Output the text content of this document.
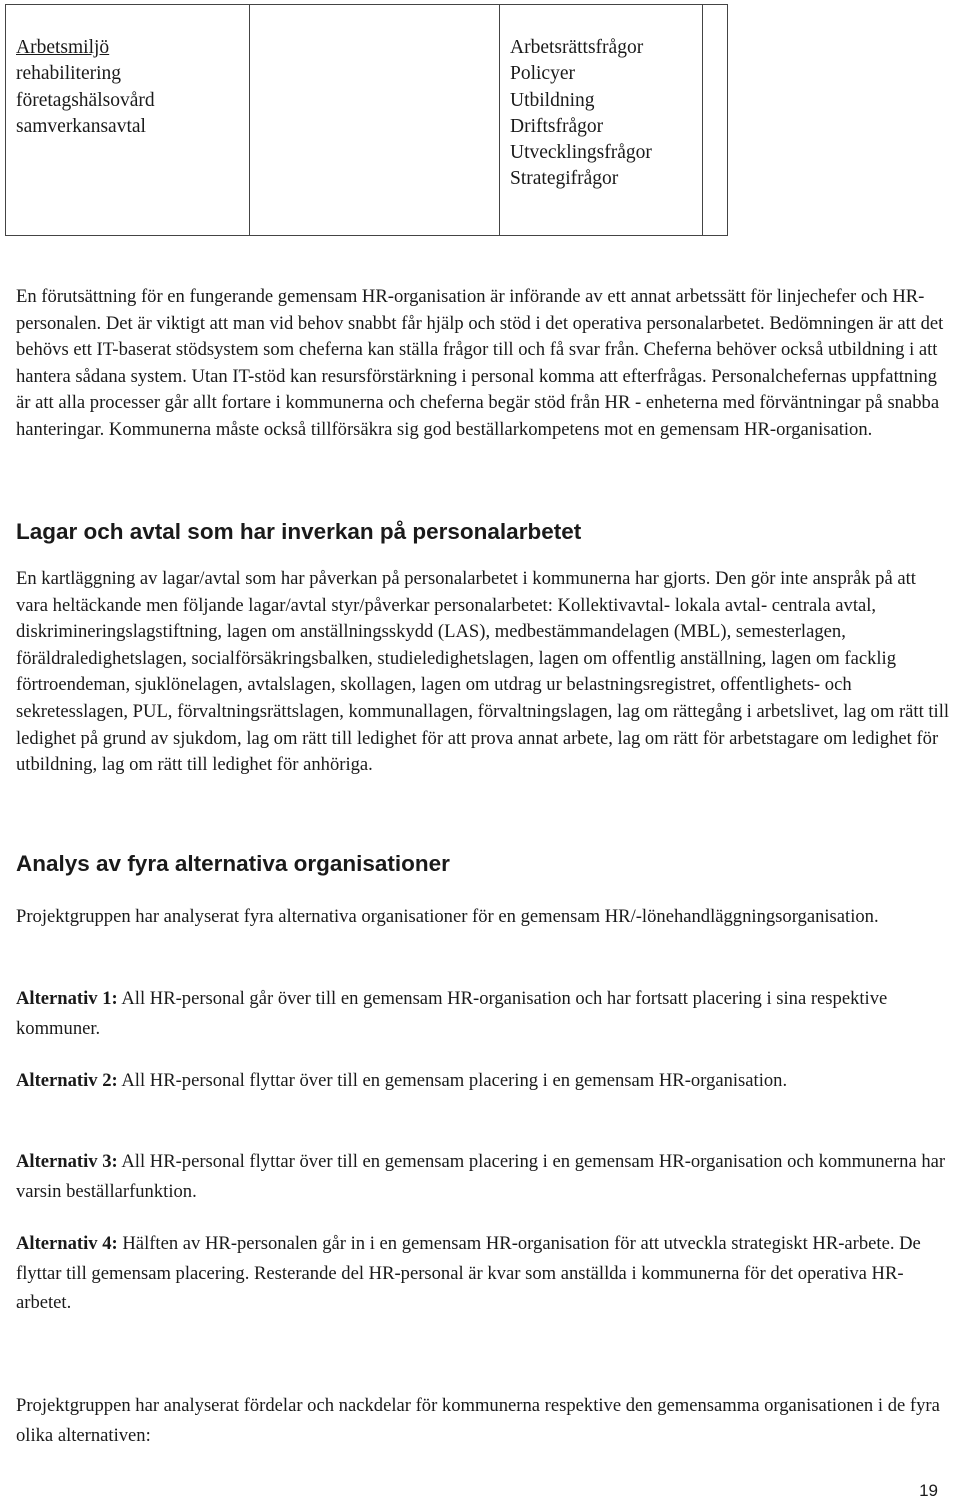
Arbetsmiljö
rehabilitering
företagshälsovård
samverkansavtal
Arbetsrättsfrågor
Policyer
Utbildning
Driftsfrågor
Utvecklingsfrågor
Strategifrågor

En förutsättning för en fungerande gemensam HR-organisation är införande av ett annat arbetssätt för linjechefer och HR-personalen. Det är viktigt att man vid behov snabbt får hjälp och stöd i det operativa personalarbetet. Bedömningen är att det behövs ett IT-baserat stödsystem som cheferna kan ställa frågor till och få svar från. Cheferna behöver också utbildning i att hantera sådana system. Utan IT-stöd kan resursförstärkning i personal komma att efterfrågas. Personalchefernas uppfattning är att alla processer går allt fortare i kommunerna och cheferna begär stöd från HR - enheterna med förväntningar på snabba hanteringar. Kommunerna måste också tillförsäkra sig god beställarkompetens mot en gemensam HR-organisation.

Lagar och avtal som har inverkan på personalarbetet

En kartläggning av lagar/avtal som har påverkan på personalarbetet i kommunerna har gjorts. Den gör inte anspråk på att vara heltäckande men följande lagar/avtal styr/påverkar personalarbetet: Kollektivavtal- lokala avtal- centrala avtal, diskrimineringslagstiftning, lagen om anställningsskydd (LAS), medbestämmandelagen (MBL), semesterlagen, föräldraledighetslagen, socialförsäkringsbalken, studieledighetslagen, lagen om offentlig anställning, lagen om facklig förtroendeman, sjuklönelagen, avtalslagen, skollagen, lagen om utdrag ur belastningsregistret, offentlighets- och sekretesslagen, PUL, förvaltningsrättslagen, kommunallagen, förvaltningslagen, lag om rättegång i arbetslivet, lag om rätt till ledighet på grund av sjukdom, lag om rätt till ledighet för att prova annat arbete, lag om rätt för arbetstagare om ledighet för utbildning, lag om rätt till ledighet för anhöriga.

Analys av fyra alternativa organisationer

Projektgruppen har analyserat fyra alternativa organisationer för en gemensam HR/-lönehandläggningsorganisation.

Alternativ 1: All HR-personal går över till en gemensam HR-organisation och har fortsatt placering i sina respektive kommuner.

Alternativ 2: All HR-personal flyttar över till en gemensam placering i en gemensam HR-organisation.

Alternativ 3: All HR-personal flyttar över till en gemensam placering i en gemensam HR-organisation och kommunerna har varsin beställarfunktion.

Alternativ 4: Hälften av HR-personalen går in i en gemensam HR-organisation för att utveckla strategiskt HR-arbete. De flyttar till gemensam placering. Resterande del HR-personal är kvar som anställda i kommunerna för det operativa HR-arbetet.

Projektgruppen har analyserat fördelar och nackdelar för kommunerna respektive den gemensamma organisationen i de fyra olika alternativen:

19
